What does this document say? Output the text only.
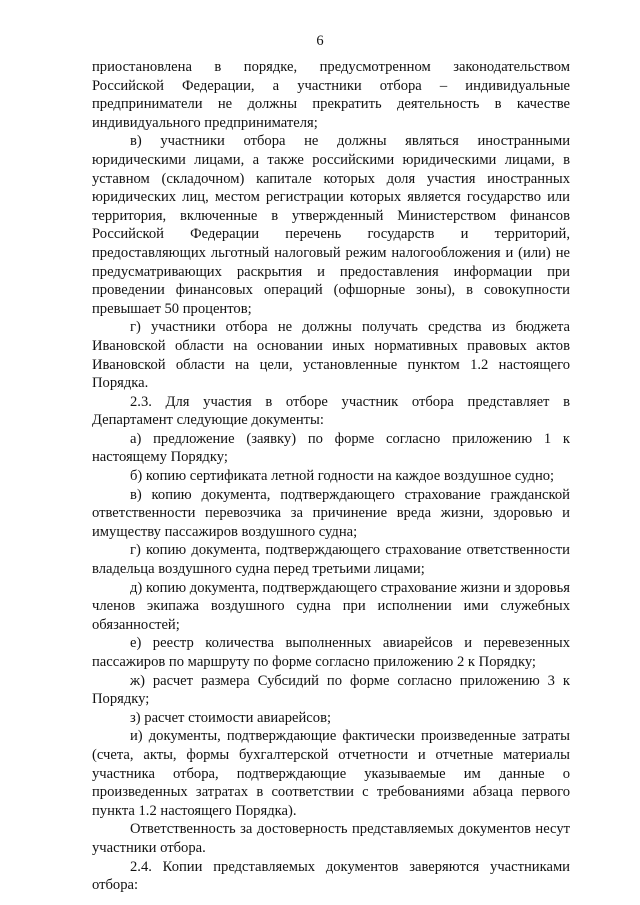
6

приостановлена в порядке, предусмотренном законодательством Российской Федерации, а участники отбора – индивидуальные предприниматели не должны прекратить деятельность в качестве индивидуального предпринимателя;

в) участники отбора не должны являться иностранными юридическими лицами, а также российскими юридическими лицами, в уставном (складочном) капитале которых доля участия иностранных юридических лиц, местом регистрации которых является государство или территория, включенные в утвержденный Министерством финансов Российской Федерации перечень государств и территорий, предоставляющих льготный налоговый режим налогообложения и (или) не предусматривающих раскрытия и предоставления информации при проведении финансовых операций (офшорные зоны), в совокупности превышает 50 процентов;

г) участники отбора не должны получать средства из бюджета Ивановской области на основании иных нормативных правовых актов Ивановской области на цели, установленные пунктом 1.2 настоящего Порядка.

2.3. Для участия в отборе участник отбора представляет в Департамент следующие документы:

а) предложение (заявку) по форме согласно приложению 1 к настоящему Порядку;

б) копию сертификата летной годности на каждое воздушное судно;

в) копию документа, подтверждающего страхование гражданской ответственности перевозчика за причинение вреда жизни, здоровью и имуществу пассажиров воздушного судна;

г) копию документа, подтверждающего страхование ответственности владельца воздушного судна перед третьими лицами;

д) копию документа, подтверждающего страхование жизни и здоровья членов экипажа воздушного судна при исполнении ими служебных обязанностей;

е) реестр количества выполненных авиарейсов и перевезенных пассажиров по маршруту по форме согласно приложению 2 к Порядку;

ж) расчет размера Субсидий по форме согласно приложению 3 к Порядку;

з) расчет стоимости авиарейсов;

и) документы, подтверждающие фактически произведенные затраты (счета, акты, формы бухгалтерской отчетности и отчетные материалы участника отбора, подтверждающие указываемые им данные о произведенных затратах в соответствии с требованиями абзаца первого пункта 1.2 настоящего Порядка).

Ответственность за достоверность представляемых документов несут участники отбора.

2.4. Копии представляемых документов заверяются участниками отбора:
